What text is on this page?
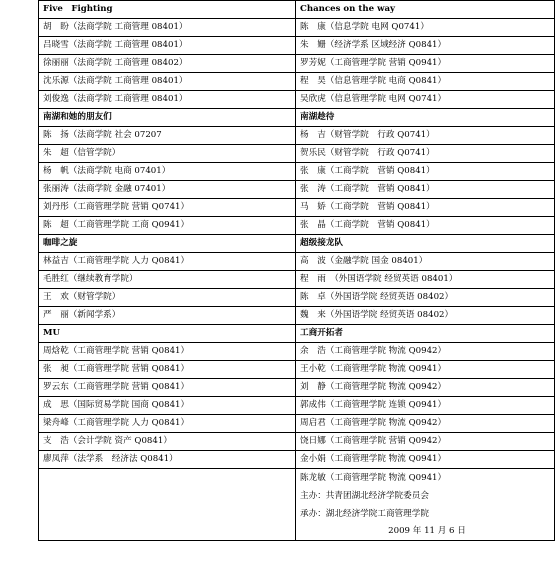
Five　Fighting	Chances on the way
胡　盼（法商学院 工商管理 08401）	陈　康（信息学院 电网 Q0741）
吕晓雪（法商学院 工商管理 08401）	朱　姗（经济学系 区域经济 Q0841）
徐丽丽（法商学院 工商管理 08402）	罗芳妮（工商管理学院 营销 Q0941）
沈乐源（法商学院 工商管理 08401）	程　昊（信息管理学院 电商 Q0841）
刘俊逸（法商学院 工商管理 08401）	吴欣虎（信息管理学院 电网 Q0741）
南湖和她的朋友们	南湖趁待
陈　扬（法商学院 社会 07207	杨　吉（财管学院　行政 Q0741）
朱　超（信管学院）	贺乐民（财管学院　行政 Q0741）
杨　帆（法商学院 电商 07401）	张　康（工商学院　营销 Q0841）
张丽涛（法商学院 金融 07401）	张　涛（工商学院　营销 Q0841）
刘丹彤（工商管理学院 营销 Q0741）	马　娇（工商学院　营销 Q0841）
陈　超（工商管理学院 工商 Q0941）	张　晶（工商学院　营销 Q0841）
咖啡之旋	超级接龙队
林益吉（工商管理学院 人力 Q0841）	高　波（金融学院 国金 08401）
毛胜红（继续教育学院）	程　雨　（外国语学院 经贸英语 08401）
王　欢（财管学院）	陈　卓（外国语学院 经贸英语 08402）
严　丽（新闻学系）	魏　来（外国语学院 经贸英语 08402）
MU	工商开拓者
周焓乾（工商管理学院 营销 Q0841）	余　浩（工商管理学院 物流 Q0942）
张　昶（工商管理学院 营销 Q0841）	王小乾（工商管理学院 物流 Q0941）
罗云东（工商管理学院 营销 Q0841）	刘　静（工商管理学院 物流 Q0942）
成　思（国际贸易学院 国商 Q0841）	郭成伟（工商管理学院 连锁 Q0941）
梁舟峰（工商管理学院 人力 Q0841）	周启君（工商管理学院 物流 Q0942）
支　浩（会计学院 资产 Q0841）	饶日娜（工商管理学院 营销 Q0942）
廖凤萍（法学系　经济法 Q0841）	金小娟（工商管理学院 物流 Q0941）

	陈龙敏（工商管理学院 物流 Q0941）
主办：共青团湖北经济学院委员会
承办：湖北经济学院工商管理学院
2009 年 11 月 6 日
